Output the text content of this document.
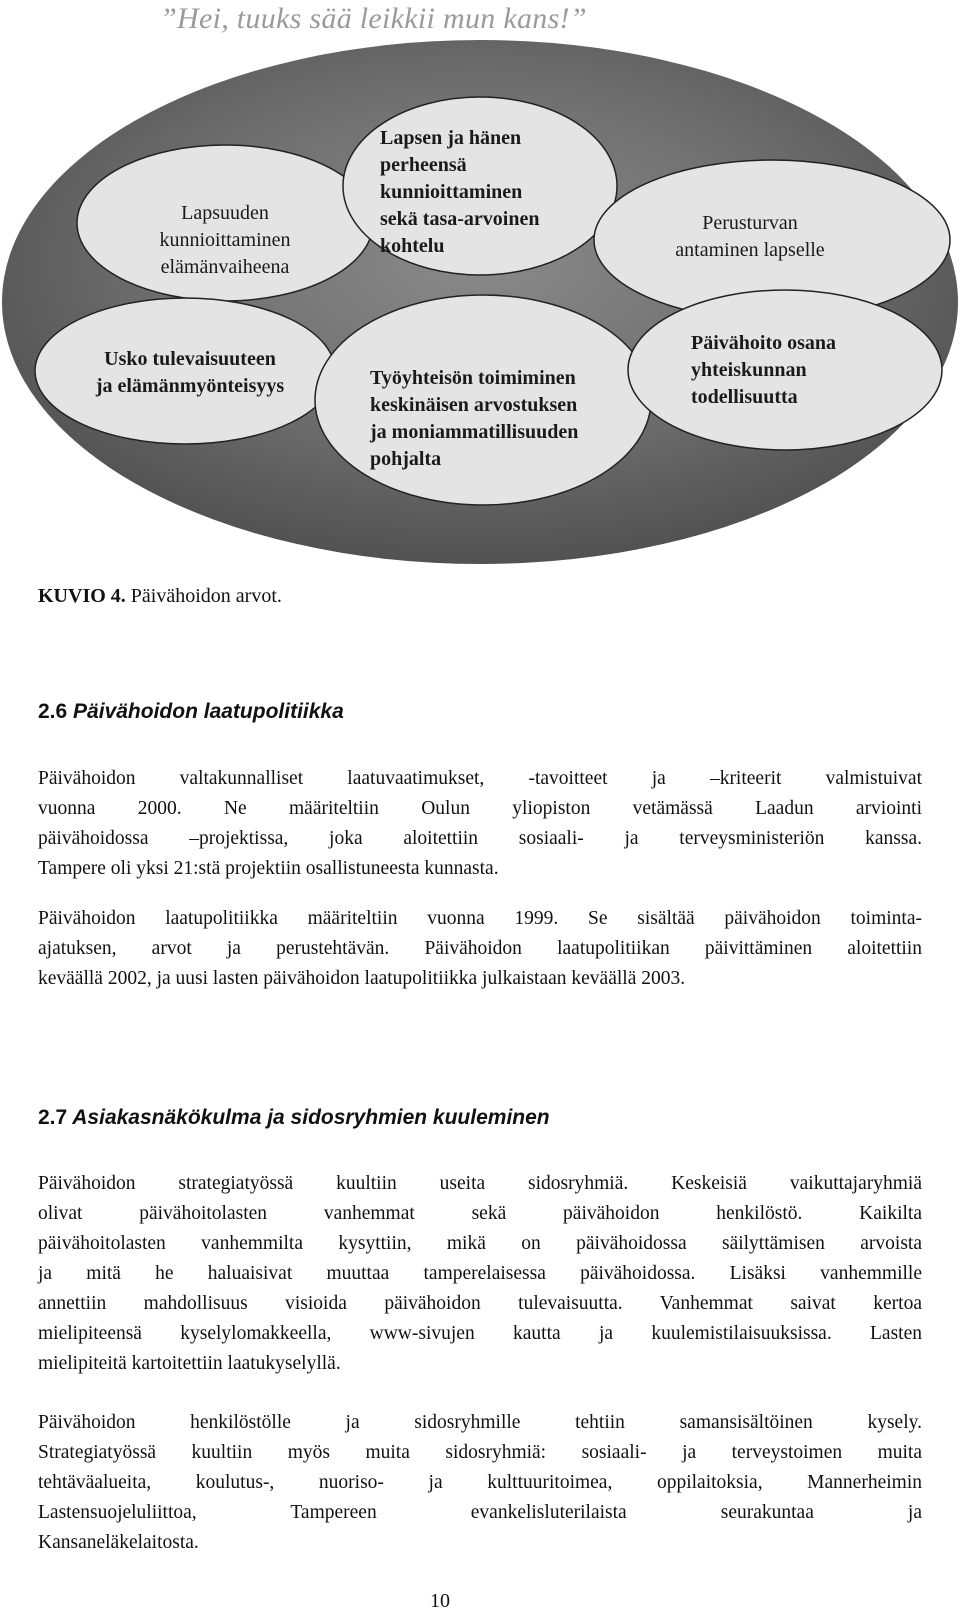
”Hei, tuuks sää leikkii mun kans!”
Lapsuuden
kunnioittaminen
elämänvaiheena
Lapsen ja hänen
perheensä
kunnioittaminen
sekä tasa-arvoinen
kohtelu
Perusturvan
antaminen lapselle
Usko tulevaisuuteen
ja elämänmyönteisyys	Työyhteisön toimiminen
keskinäisen arvostuksen
ja moniammatillisuuden
pohjalta
Päivähoito osana
yhteiskunnan
todellisuutta
KUVIO 4. Päivähoidon arvot.
2.6 Päivähoidon laatupolitiikka
Päivähoidon valtakunnalliset laatuvaatimukset, -tavoitteet ja –kriteerit valmistuivat
vuonna 2000. Ne määriteltiin Oulun yliopiston vetämässä Laadun arviointi
päivähoidossa –projektissa, joka aloitettiin sosiaali- ja terveysministeriön kanssa.
Tampere oli yksi 21:stä projektiin osallistuneesta kunnasta.
Päivähoidon laatupolitiikka määriteltiin vuonna 1999. Se sisältää päivähoidon toiminta-
ajatuksen, arvot ja perustehtävän. Päivähoidon laatupolitiikan päivittäminen aloitettiin
keväällä 2002, ja uusi lasten päivähoidon laatupolitiikka julkaistaan keväällä 2003.
2.7 Asiakasnäkökulma ja sidosryhmien kuuleminen
Päivähoidon strategiatyössä kuultiin useita sidosryhmiä. Keskeisiä vaikuttajaryhmiä
olivat päivähoitolasten vanhemmat sekä päivähoidon henkilöstö. Kaikilta
päivähoitolasten vanhemmilta kysyttiin, mikä on päivähoidossa säilyttämisen arvoista
ja mitä he haluaisivat muuttaa tamperelaisessa päivähoidossa. Lisäksi vanhemmille
annettiin mahdollisuus visioida päivähoidon tulevaisuutta. Vanhemmat saivat kertoa
mielipiteensä kyselylomakkeella, www-sivujen kautta ja kuulemistilaisuuksissa. Lasten
mielipiteitä kartoitettiin laatukyselyllä.
Päivähoidon henkilöstölle ja sidosryhmille tehtiin samansisältöinen kysely.
Strategiatyössä kuultiin myös muita sidosryhmiä: sosiaali- ja terveystoimen muita
tehtäväalueita, koulutus-, nuoriso- ja kulttuuritoimea, oppilaitoksia, Mannerheimin
Lastensuojeluliittoa, Tampereen evankelisluterilaista seurakuntaa ja
Kansaneläkelaitosta.
10
